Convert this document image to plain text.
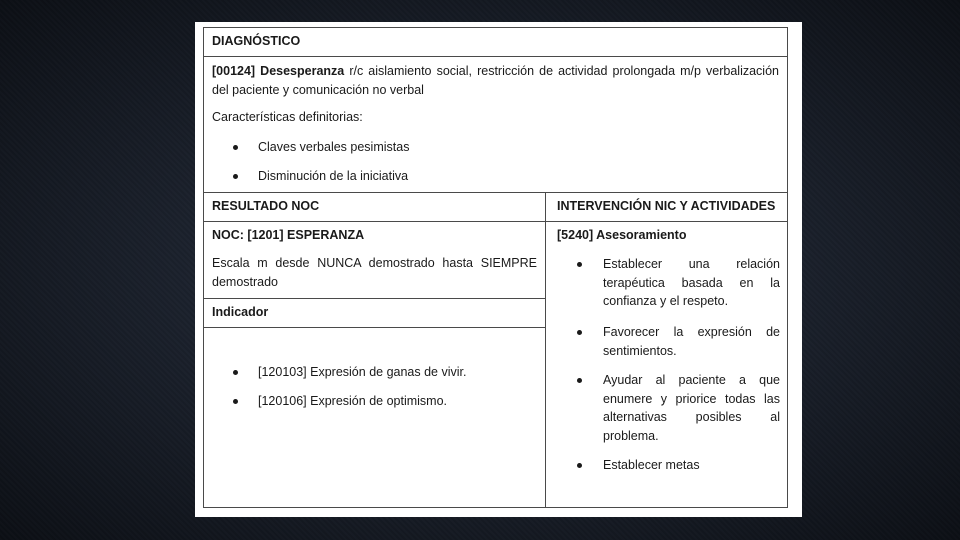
DIAGNÓSTICO
[00124] Desesperanza r/c aislamiento social, restricción de actividad prolongada m/p verbalización del paciente y comunicación no verbal
Características definitorias:
Claves verbales pesimistas
Disminución de la iniciativa
RESULTADO NOC	INTERVENCIÓN NIC Y ACTIVIDADES
NOC: [1201] ESPERANZA
Escala m desde NUNCA demostrado hasta SIEMPRE demostrado
Indicador
[120103] Expresión de ganas de vivir.
[120106] Expresión de optimismo.
[5240] Asesoramiento
Establecer una relación terapéutica basada en la confianza y el respeto.
Favorecer la expresión de sentimientos.
Ayudar al paciente a que enumere y priorice todas las alternativas posibles al problema.
Establecer metas
